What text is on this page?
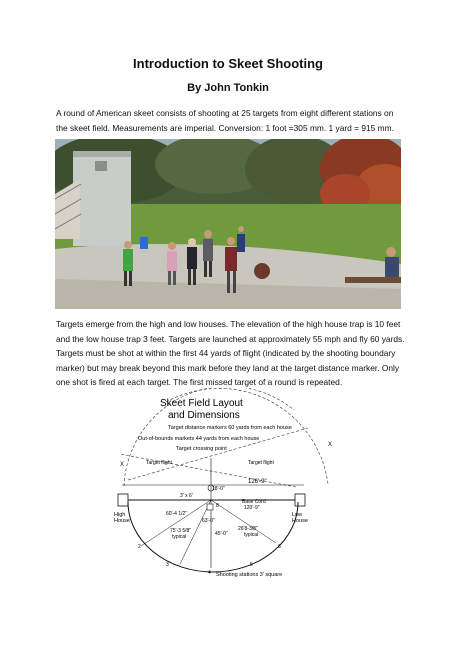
Introduction to Skeet Shooting
By John Tonkin

A round of American skeet consists of shooting at 25 targets from eight different stations on the skeet field. Measurements are imperial. Conversion: 1 foot =305 mm. 1 yard = 915 mm.

Targets emerge from the high and low houses. The elevation of the high house trap is 10 feet and the low house trap 3 feet. Targets are launched at approximately 55 mph and fly 60 yards. Targets must be shot at within the first 44 yards of flight (indicated by the shooting boundary marker) but may break beyond this mark before they land at the target distance marker. Only one shot is fired at each target. The first missed target of a round is repeated.

Skeet Field Layout
and Dimensions
Target distance markers 60 yards from each house
Out-of-bounds markets 44 yards from each house
Target crossing point
Target flight	Target flight
X
X
126'-9"
18'-0"
3' x 6'
8
Base Cord
120'-9"
60'-4 1/2"
63'-0"
75'-3 5/8"
typical	45'-0"
26'8-3/8"
typical
High
House
Low
House
2
3
4
5
6
Shooting stations 3' square
